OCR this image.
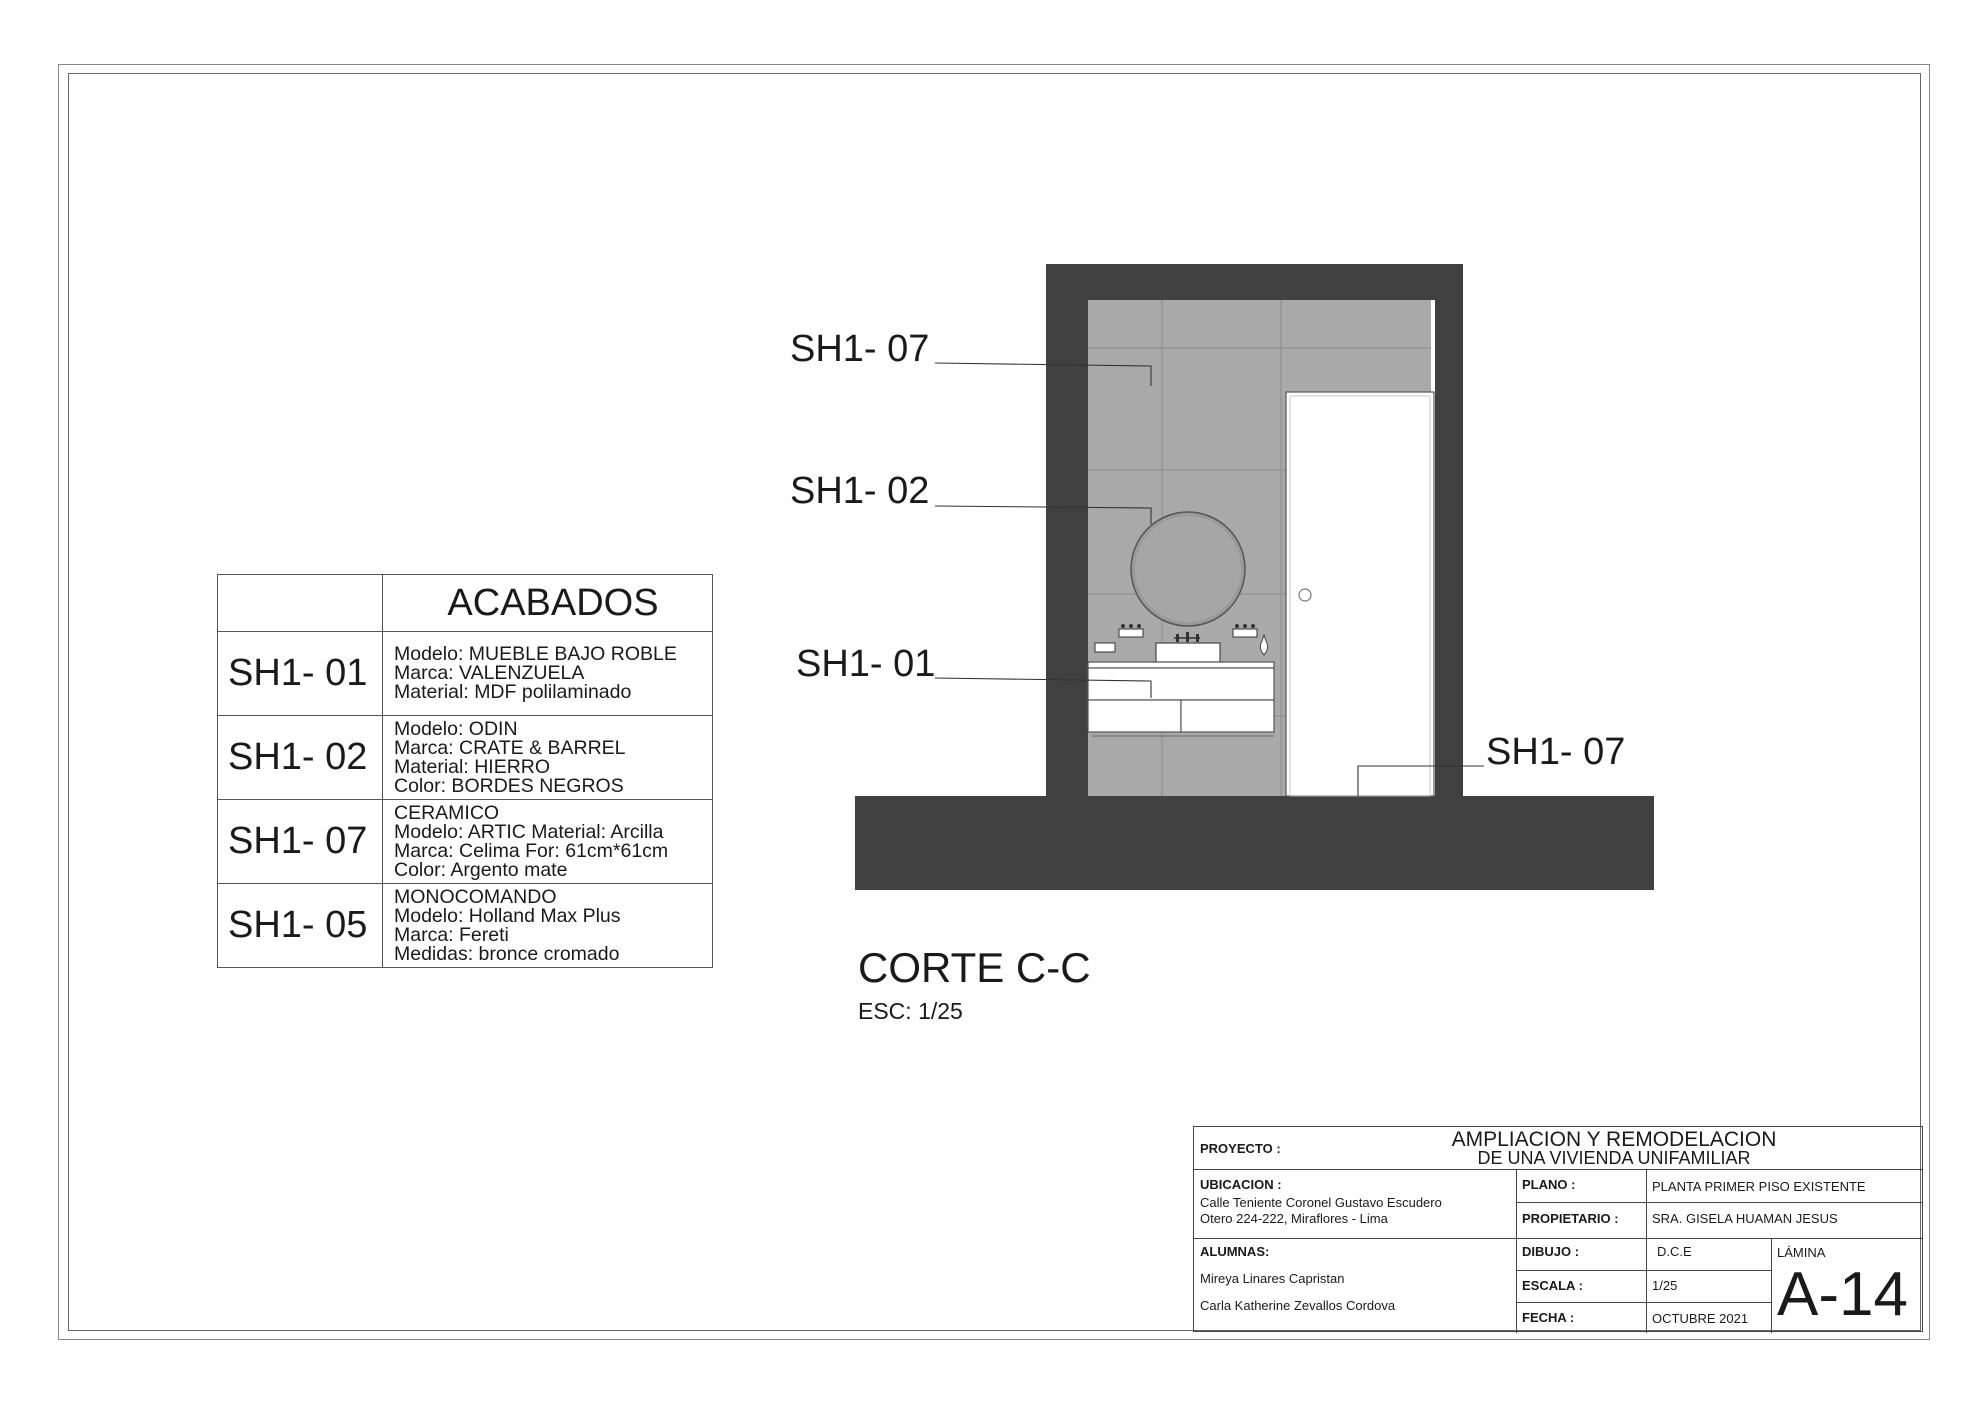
	ACABADOS
SH1- 01	Modelo: MUEBLE BAJO ROBLE
Marca: VALENZUELA
Material: MDF polilaminado

SH1- 02	Modelo: ODIN
Marca: CRATE & BARREL
Material: HIERRO
Color: BORDES NEGROS

SH1- 07	CERAMICO
Modelo: ARTIC Material: Arcilla
Marca: Celima For: 61cm*61cm
Color: Argento mate

SH1- 05	MONOCOMANDO
Modelo: Holland Max Plus
Marca: Fereti
Medidas: bronce cromado
SH1- 07
SH1- 02
SH1- 01
SH1- 07
CORTE C-C
ESC: 1/25
PROYECTO :	AMPLIACION Y REMODELACION
DE UNA VIVIENDA UNIFAMILIAR
UBICACION :
Calle Teniente Coronel Gustavo Escudero
Otero 224-222, Miraflores - Lima
PLANO :	PLANTA PRIMER PISO EXISTENTE
PROPIETARIO :	SRA. GISELA HUAMAN JESUS
ALUMNAS:
Mireya Linares Capristan
Carla Katherine Zevallos Cordova
DIBUJO :	D.C.E
ESCALA :	1/25
FECHA :	OCTUBRE 2021
LÁMINA
A-14
